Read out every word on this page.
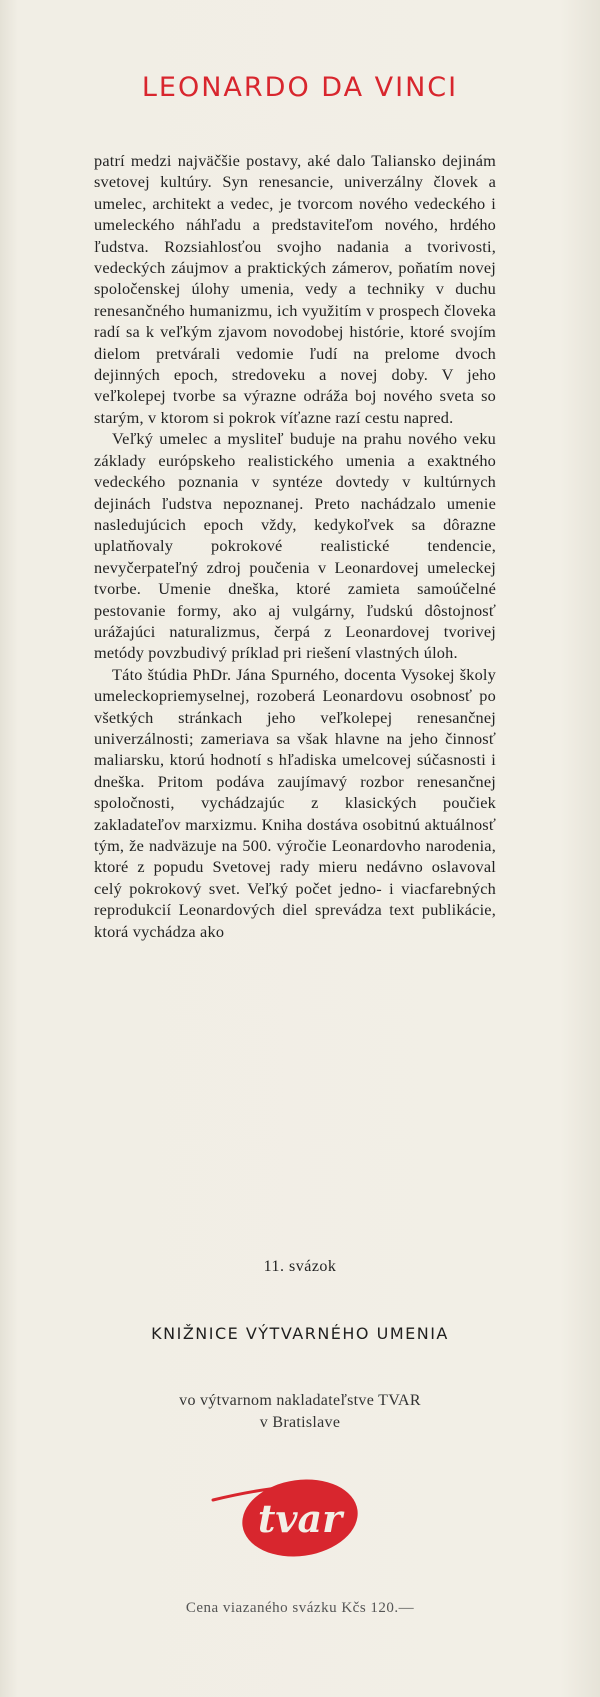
LEONARDO DA VINCI

patrí medzi najväčšie postavy, aké dalo Taliansko dejinám svetovej kultúry. Syn renesancie, univerzálny človek a umelec, architekt a vedec, je tvorcom nového vedeckého i umeleckého náhľadu a predstaviteľom nového, hrdého ľudstva. Rozsiahlosťou svojho nadania a tvorivosti, vedeckých záujmov a praktických zámerov, poňatím novej spoločenskej úlohy umenia, vedy a techniky v duchu renesančného humanizmu, ich využitím v prospech človeka radí sa k veľkým zjavom novodobej histórie, ktoré svojím dielom pretvárali vedomie ľudí na prelome dvoch dejinných epoch, stredoveku a novej doby. V jeho veľkolepej tvorbe sa výrazne odráža boj nového sveta so starým, v ktorom si pokrok víťazne razí cestu napred.

Veľký umelec a mysliteľ buduje na prahu nového veku základy európskeho realistického umenia a exaktného vedeckého poznania v syntéze dovtedy v kultúrnych dejinách ľudstva nepoznanej. Preto nachádzalo umenie nasledujúcich epoch vždy, kedykoľvek sa dôrazne uplatňovaly pokrokové realistické tendencie, nevyčerpateľný zdroj poučenia v Leonardovej umeleckej tvorbe. Umenie dneška, ktoré zamieta samoúčelné pestovanie formy, ako aj vulgárny, ľudskú dôstojnosť urážajúci naturalizmus, čerpá z Leonardovej tvorivej metódy povzbudivý príklad pri riešení vlastných úloh.

Táto štúdia PhDr. Jána Spurného, docenta Vysokej školy umeleckopriemyselnej, rozoberá Leonardovu osobnosť po všetkých stránkach jeho veľkolepej renesančnej univerzálnosti; zameriava sa však hlavne na jeho činnosť maliarsku, ktorú hodnotí s hľadiska umelcovej súčasnosti i dneška. Pritom podáva zaujímavý rozbor renesančnej spoločnosti, vychádzajúc z klasických poučiek zakladateľov marxizmu. Kniha dostáva osobitnú aktuálnosť tým, že nadväzuje na 500. výročie Leonardovho narodenia, ktoré z popudu Svetovej rady mieru nedávno oslavoval celý pokrokový svet. Veľký počet jedno- i viacfarebných reprodukcií Leonardových diel sprevádza text publikácie, ktorá vychádza ako

11. svázok
KNIŽNICE VÝTVARNÉHO UMENIA
vo výtvarnom nakladateľstve TVAR
v Bratislave
tvar
Cena viazaného svázku Kčs 120.—
